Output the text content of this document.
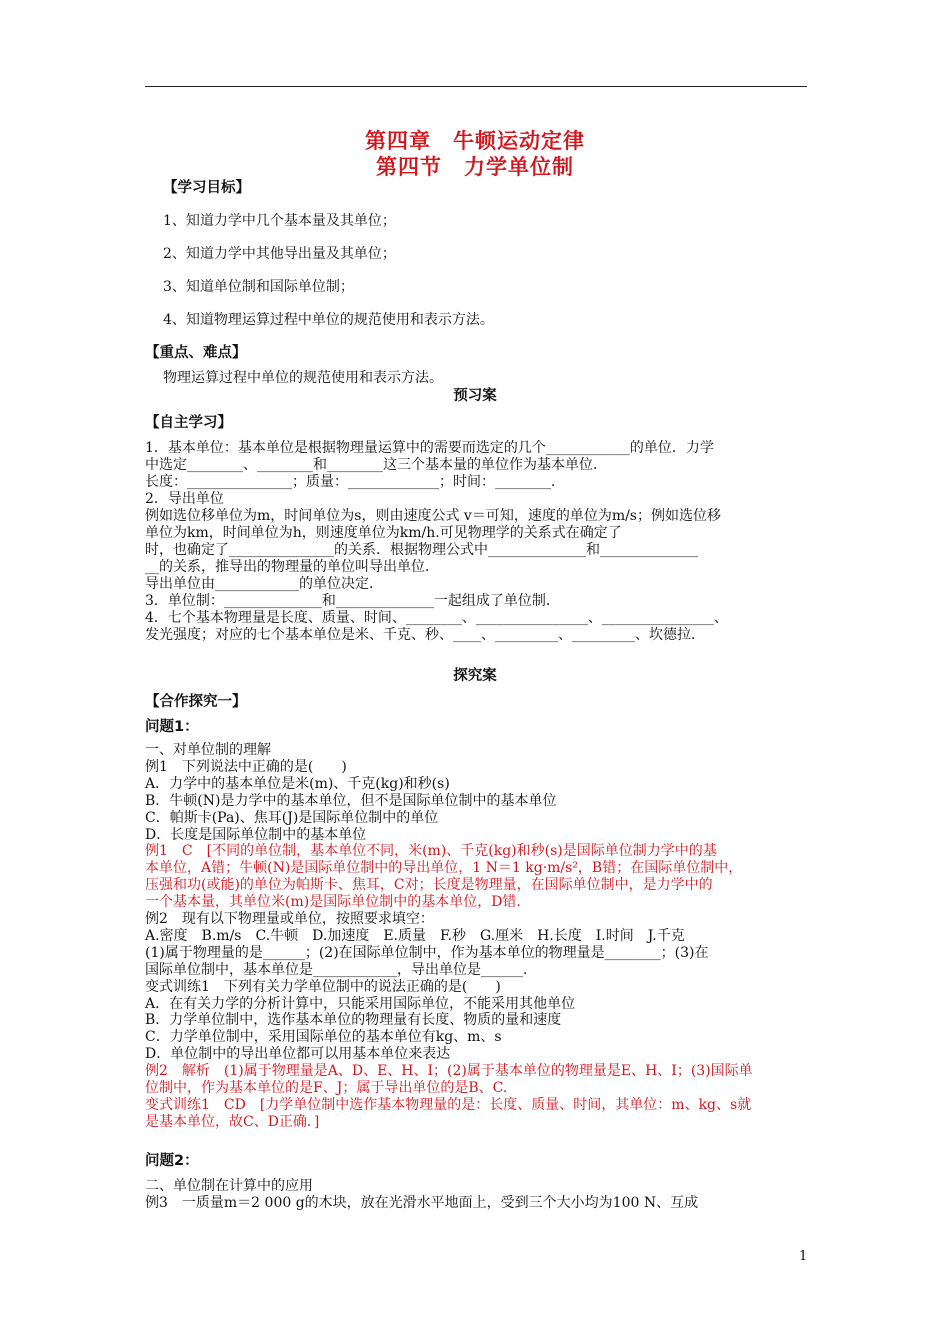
第四章　牛顿运动定律
第四节　力学单位制
【学习目标】
1、知道力学中几个基本量及其单位；
2、知道力学中其他导出量及其单位；
3、知道单位制和国际单位制；
4、知道物理运算过程中单位的规范使用和表示方法。
【重点、难点】
物理运算过程中单位的规范使用和表示方法。
预习案
【自主学习】
1．基本单位：基本单位是根据物理量运算中的需要而选定的几个____________的单位．力学
中选定________、________和________这三个基本量的单位作为基本单位．
长度：_______________；质量：_____________；时间：________．
2．导出单位
例如选位移单位为m，时间单位为s，则由速度公式 v＝可知，速度的单位为m/s；例如选位移
单位为km，时间单位为h，则速度单位为km/h.可见物理学的关系式在确定了
时，也确定了_______________的关系．根据物理公式中______________和______________
__的关系，推导出的物理量的单位叫导出单位．
导出单位由____________的单位决定．
3．单位制：______________和______________一起组成了单位制．
4．七个基本物理量是长度、质量、时间、________、________________、________________、
发光强度；对应的七个基本单位是米、千克、秒、____、_________、_________、坎德拉．
探究案
【合作探究一】
问题1：
一、对单位制的理解
例1　下列说法中正确的是(　　)
A．力学中的基本单位是米(m)、千克(kg)和秒(s)
B．牛顿(N)是力学中的基本单位，但不是国际单位制中的基本单位
C．帕斯卡(Pa)、焦耳(J)是国际单位制中的单位
D．长度是国际单位制中的基本单位
例1　C　[不同的单位制，基本单位不同，米(m)、千克(kg)和秒(s)是国际单位制力学中的基
本单位，A错；牛顿(N)是国际单位制中的导出单位，1 N＝1 kg·m/s²，B错；在国际单位制中，
压强和功(或能)的单位为帕斯卡、焦耳，C对；长度是物理量，在国际单位制中，是力学中的
一个基本量，其单位米(m)是国际单位制中的基本单位，D错．
例2　现有以下物理量或单位，按照要求填空：
A.密度　B.m/s　C.牛顿　D.加速度　E.质量　F.秒　G.厘米　H.长度　I.时间　J.千克
(1)属于物理量的是______；(2)在国际单位制中，作为基本单位的物理量是________；(3)在
国际单位制中，基本单位是____________，导出单位是______.
变式训练1　下列有关力学单位制中的说法正确的是(　　)
A．在有关力学的分析计算中，只能采用国际单位，不能采用其他单位
B．力学单位制中，选作基本单位的物理量有长度、物质的量和速度
C．力学单位制中，采用国际单位的基本单位有kg、m、s
D．单位制中的导出单位都可以用基本单位来表达
例2　解析　(1)属于物理量是A、D、E、H、I；(2)属于基本单位的物理量是E、H、I；(3)国际单
位制中，作为基本单位的是F、J；属于导出单位的是B、C.
变式训练1　CD　[力学单位制中选作基本物理量的是：长度、质量、时间，其单位：m、kg、s就
是基本单位，故C、D正确．]
问题2：
二、单位制在计算中的应用
例3　一质量m＝2 000 g的木块，放在光滑水平地面上，受到三个大小均为100 N、互成
1
